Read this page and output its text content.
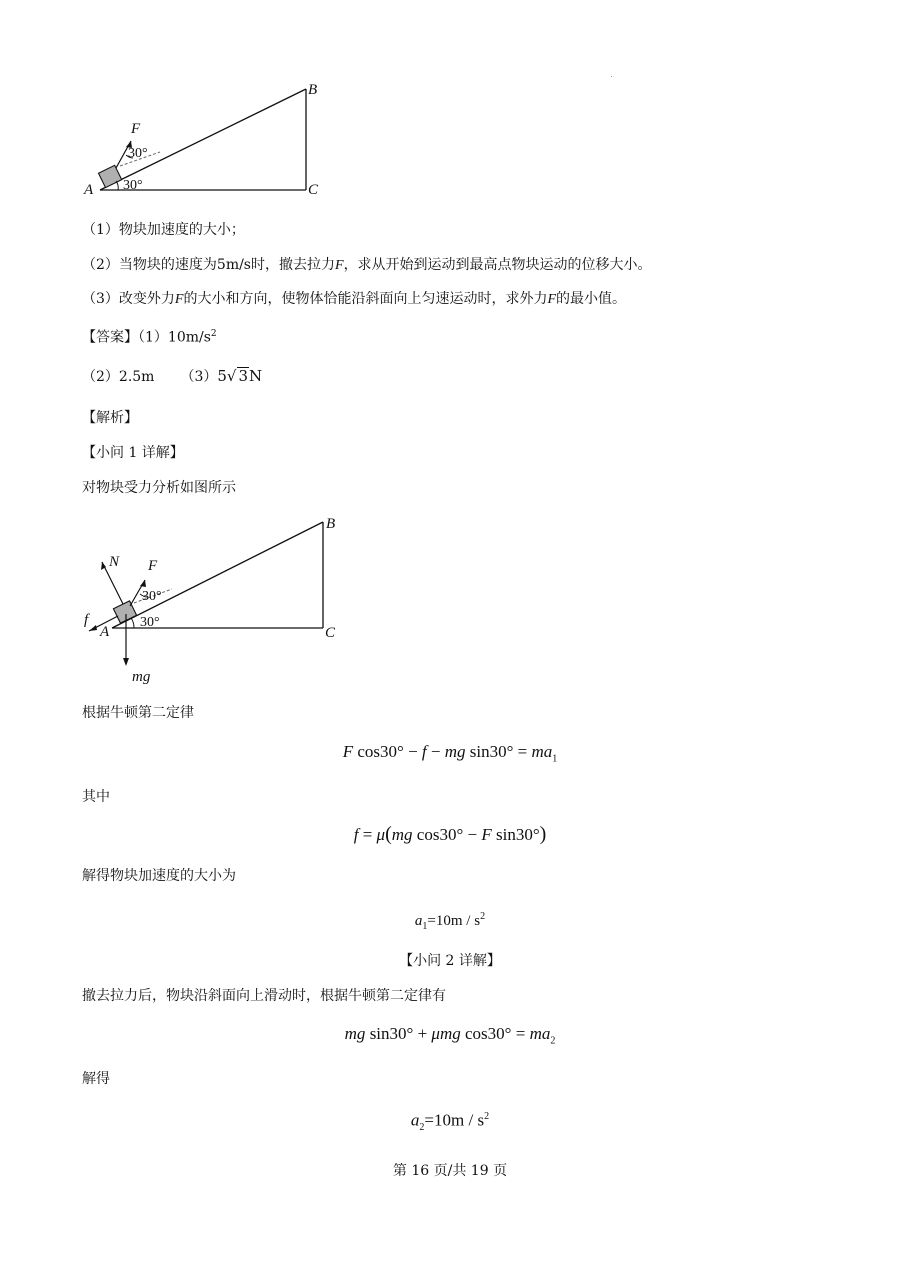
F
30°
30°
A
B
C
（1）物块加速度的大小；
（2）当物块的速度为5m/s时，撤去拉力F，求从开始到运动到最高点物块运动的位移大小。
（3）改变外力F的大小和方向，使物体恰能沿斜面向上匀速运动时，求外力F的最小值。
【答案】$(1)10m/s^2$
（2）2.5m （3）5√ 3N
【解析】
【小问 1 详解】
对物块受力分析如图所示
N F
30°
30°
f
A
B
C
mg
根据牛顿第二定律
F cos30° − f − mg $\sin 30^\circ = ma_1$
其中
f = μ(mg cos30° − F sin30°)
解得物块加速度的大小为
$a_1=10m / s^2$
【小问 2 详解】
撤去拉力后，物块沿斜面向上滑动时，根据牛顿第二定律有
mg sin30° + μmg $\cos 30^\circ = ma_2$
解得
$a_2=10m / s^2$
第 16 页/共 19 页
